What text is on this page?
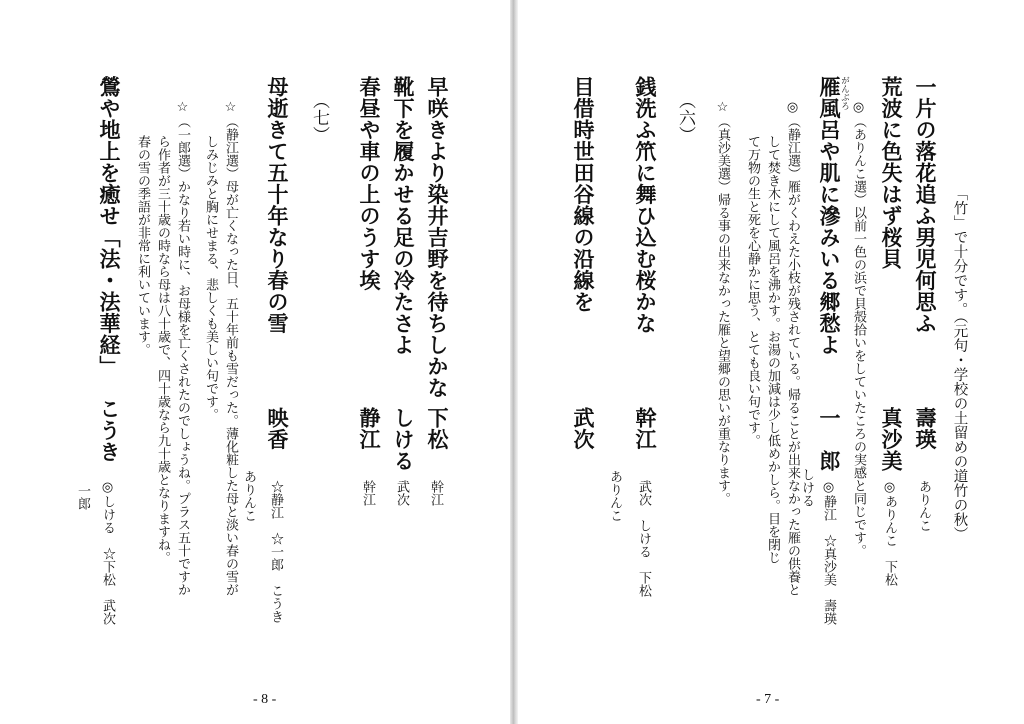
「竹」で十分です。（元句・学校の土留めの道竹の秋）
一片の落花追ふ男児何思ふ
壽瑛
ありんこ
荒波に色失はず桜貝
真沙美
◎ありんこ　下松
◎（ありんこ選）以前一色の浜で貝殻拾いをしていたころの実感と同じです。
がんぶろ
雁風呂や肌に滲みいる郷愁よ
一　郎
◎静江　☆真沙美　壽瑛
しける
◎（静江選）雁がくわえた小枝が残されている。帰ることが出来なかった雁の供養と
して焚き木にして風呂を沸かす。お湯の加減は少し低めかしら。目を閉じ
て万物の生と死を心静かに思う、とても良い句です。
☆（真沙美選）帰る事の出来なかった雁と望郷の思いが重なります。
（六）
銭洗ふ笊に舞ひ込む桜かな
幹江
武次　しける　下松
ありんこ
目借時世田谷線の沿線を
武次
- 7 -
早咲きより染井吉野を待ちしかな
下松
幹江
靴下を履かせる足の冷たさよ
しける
武次
春昼や車の上のうす埃
静江
幹江
（七）
母逝きて五十年なり春の雪
映香
☆静江　☆一郎　こうき
ありんこ
☆（静江選）母が亡くなった日、五十年前も雪だった。薄化粧した母と淡い春の雪が
しみじみと胸にせまる、悲しくも美しい句です。
☆（一郎選）かなり若い時に、お母様を亡くされたのでしょうね。プラス五十ですか
ら作者が三十歳の時なら母は八十歳で、四十歳なら九十歳となりますね。
春の雪の季語が非常に利いています。
鶯や地上を癒せ「法・法華経」
こうき
◎しける　☆下松　武次
一郎
- 8 -
